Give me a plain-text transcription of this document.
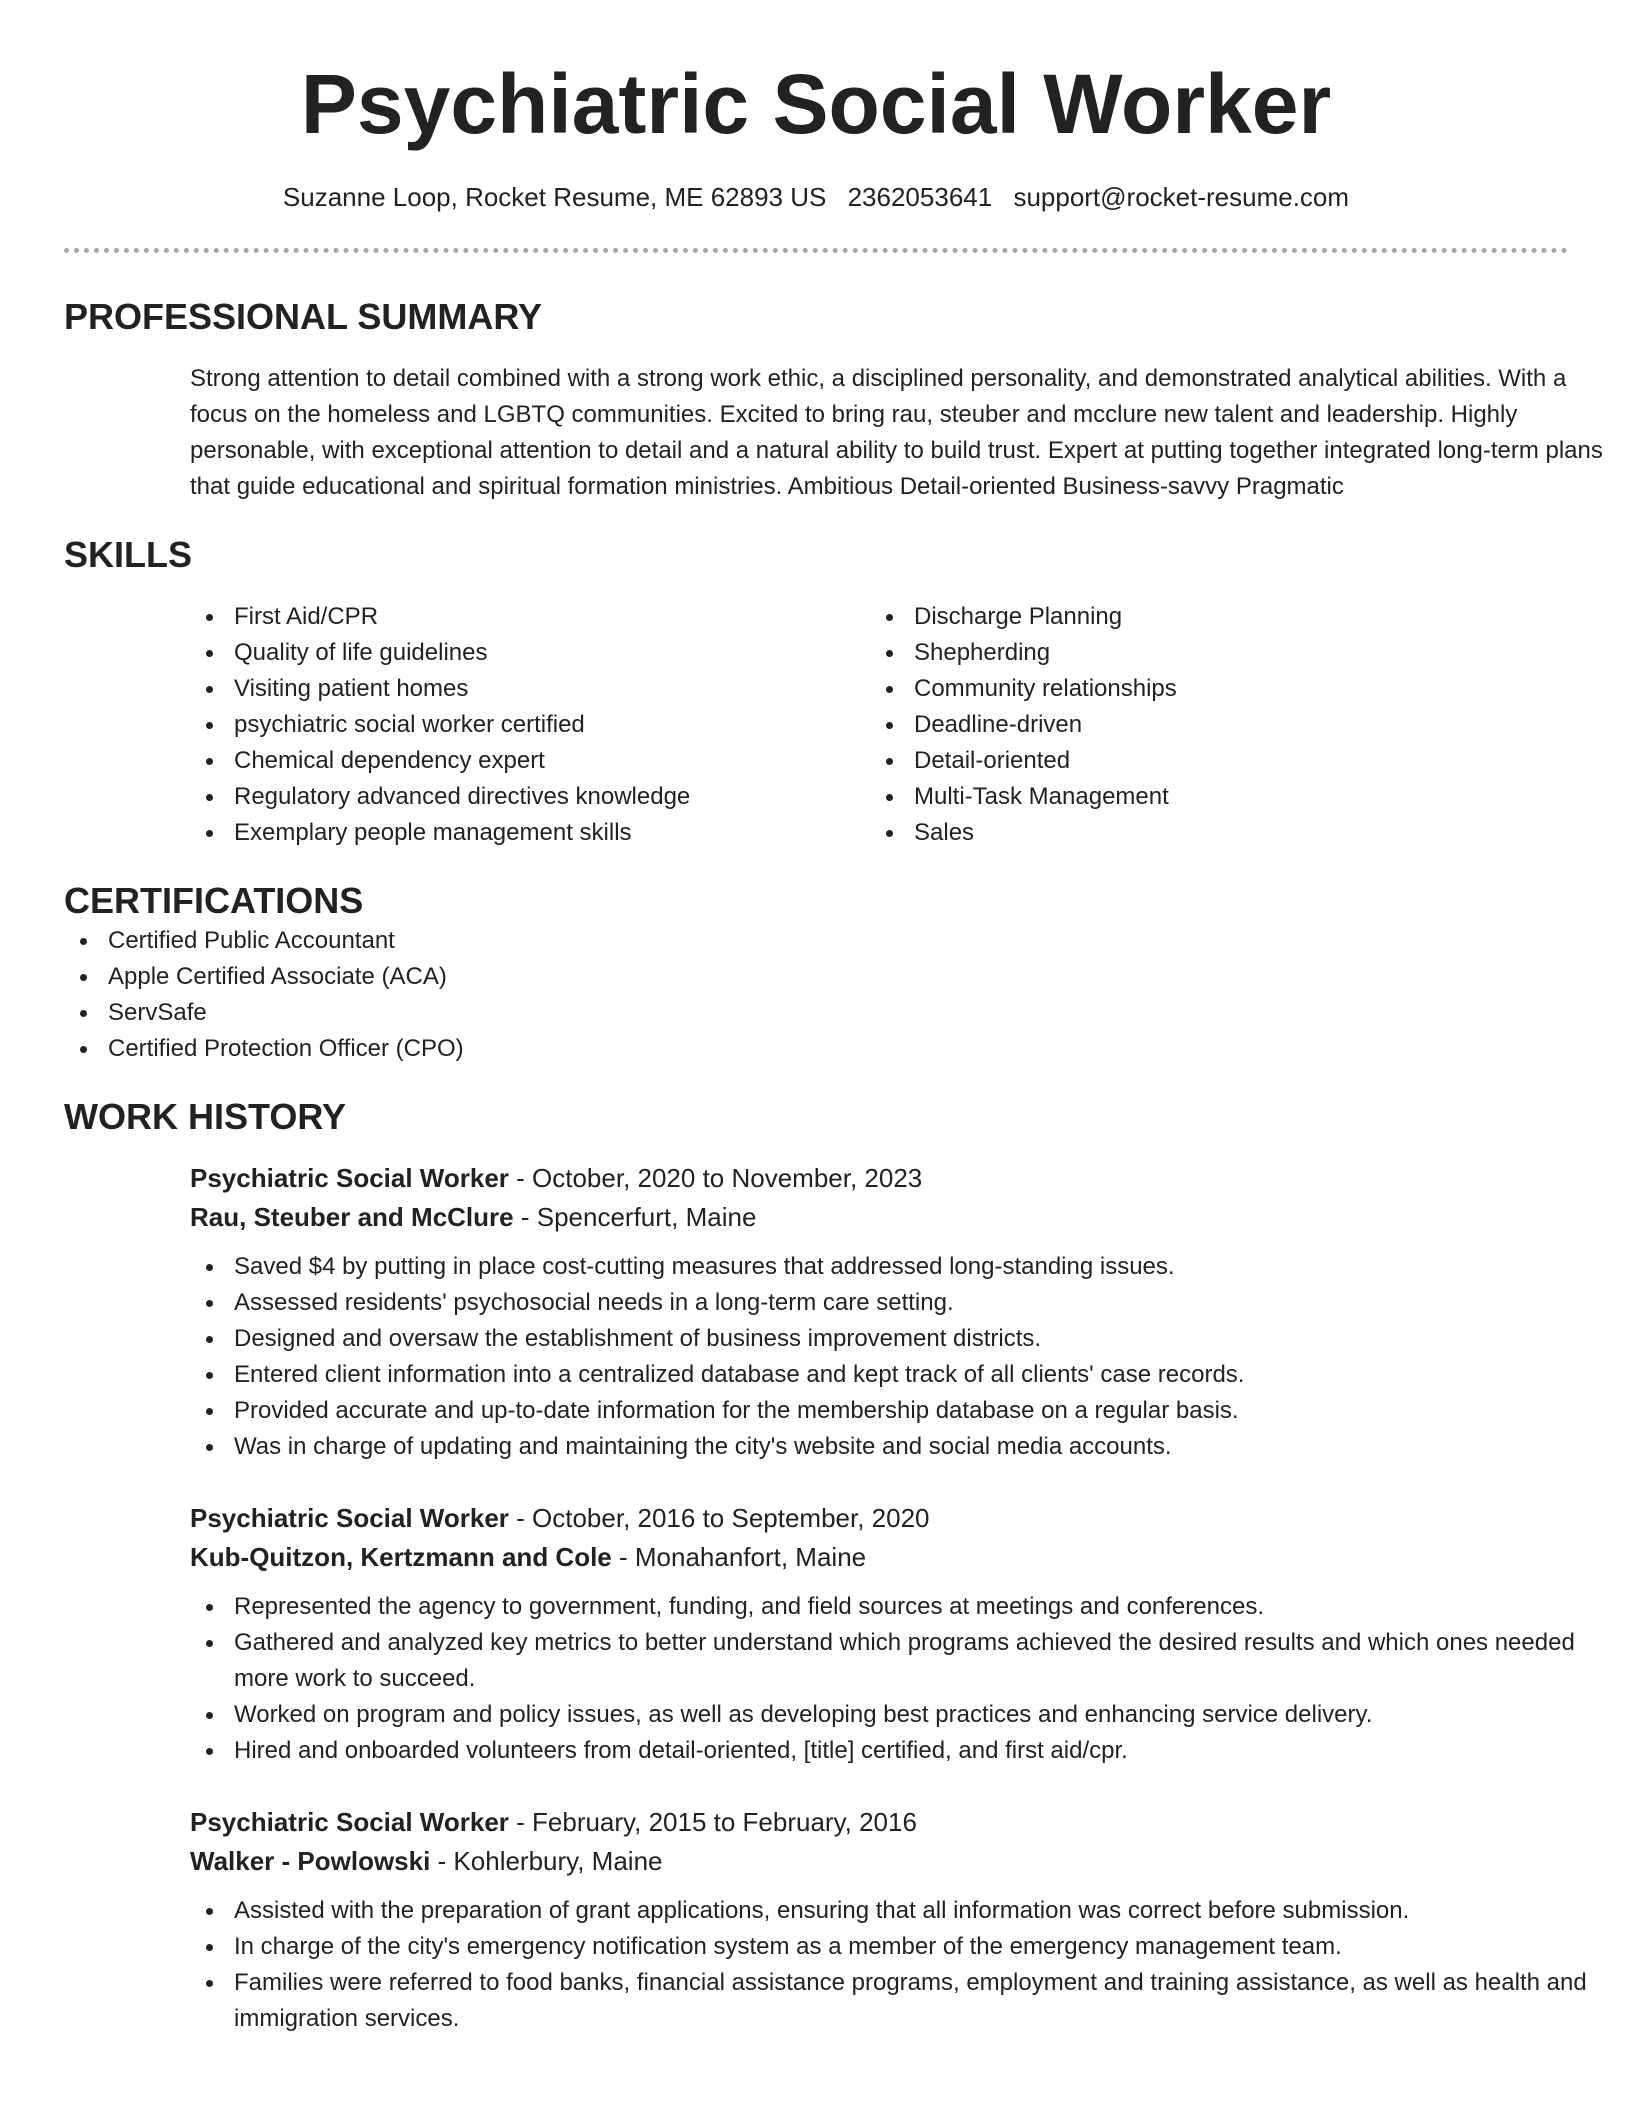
Psychiatric Social Worker
Suzanne Loop, Rocket Resume, ME 62893 US 2362053641 support@rocket-resume.com
PROFESSIONAL SUMMARY

Strong attention to detail combined with a strong work ethic, a disciplined personality, and demonstrated analytical abilities. With a focus on the homeless and LGBTQ communities. Excited to bring rau, steuber and mcclure new talent and leadership. Highly personable, with exceptional attention to detail and a natural ability to build trust. Expert at putting together integrated long-term plans that guide educational and spiritual formation ministries. Ambitious Detail-oriented Business-savvy Pragmatic

SKILLS
First Aid/CPR
Quality of life guidelines
Visiting patient homes
psychiatric social worker certified
Chemical dependency expert
Regulatory advanced directives knowledge
Exemplary people management skills
Discharge Planning
Shepherding
Community relationships
Deadline-driven
Detail-oriented
Multi-Task Management
Sales
CERTIFICATIONS
Certified Public Accountant
Apple Certified Associate (ACA)
ServSafe
Certified Protection Officer (CPO)
WORK HISTORY
Psychiatric Social Worker - October, 2020 to November, 2023
Rau, Steuber and McClure - Spencerfurt, Maine
Saved $4 by putting in place cost-cutting measures that addressed long-standing issues.
Assessed residents' psychosocial needs in a long-term care setting.
Designed and oversaw the establishment of business improvement districts.
Entered client information into a centralized database and kept track of all clients' case records.
Provided accurate and up-to-date information for the membership database on a regular basis.
Was in charge of updating and maintaining the city's website and social media accounts.
Psychiatric Social Worker - October, 2016 to September, 2020
Kub-Quitzon, Kertzmann and Cole - Monahanfort, Maine
Represented the agency to government, funding, and field sources at meetings and conferences.
Gathered and analyzed key metrics to better understand which programs achieved the desired results and which ones needed more work to succeed.
Worked on program and policy issues, as well as developing best practices and enhancing service delivery.
Hired and onboarded volunteers from detail-oriented, [title] certified, and first aid/cpr.
Psychiatric Social Worker - February, 2015 to February, 2016
Walker - Powlowski - Kohlerbury, Maine
Assisted with the preparation of grant applications, ensuring that all information was correct before submission.
In charge of the city's emergency notification system as a member of the emergency management team.
Families were referred to food banks, financial assistance programs, employment and training assistance, as well as health and immigration services.
